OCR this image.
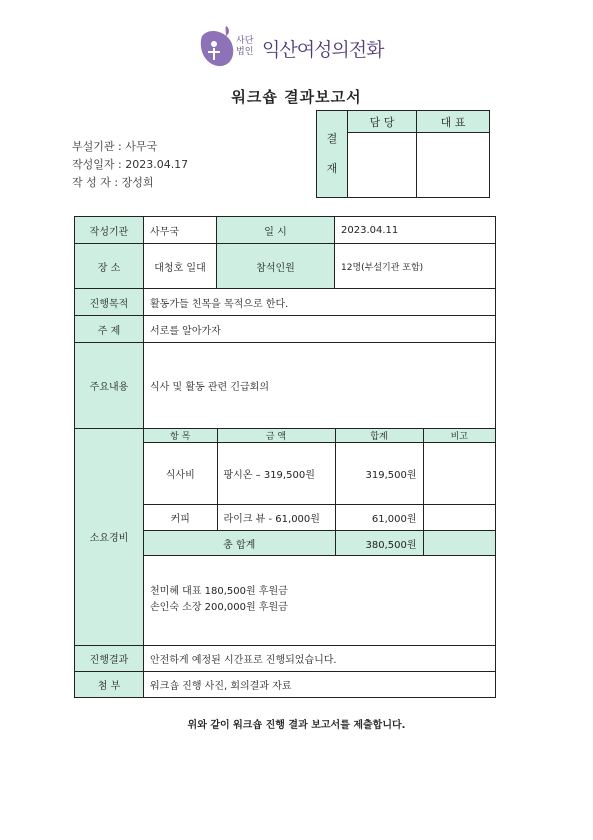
사단
법인 익산여성의전화
워크숍 결과보고서
부설기관 : 사무국
작성일자 : 2023.04.17
작 성 자 : 장성희
결
재	담 당	대 표

작성기관	사무국	일 시	2023.04.11
장 소	대청호 일대	참석인원	12명(부설기관 포함)
진행목적	활동가들 친목을 목적으로 한다.
주 제	서로를 알아가자
주요내용	식사 및 활동 관련 긴급회의
소요경비	
항 목	금 액	합계	비고
식사비	팡시온 – 319,500원	319,500원	
커피	라이크 뷰 - 61,000원	61,000원	
총 합계	380,500원	

천미혜 대표 180,500원 후원금
손인숙 소장 200,000원 후원금

진행결과	안전하게 예정된 시간표로 진행되었습니다.
첨 부	워크숍 진행 사진, 회의결과 자료
위와 같이 워크숍 진행 결과 보고서를 제출합니다.
